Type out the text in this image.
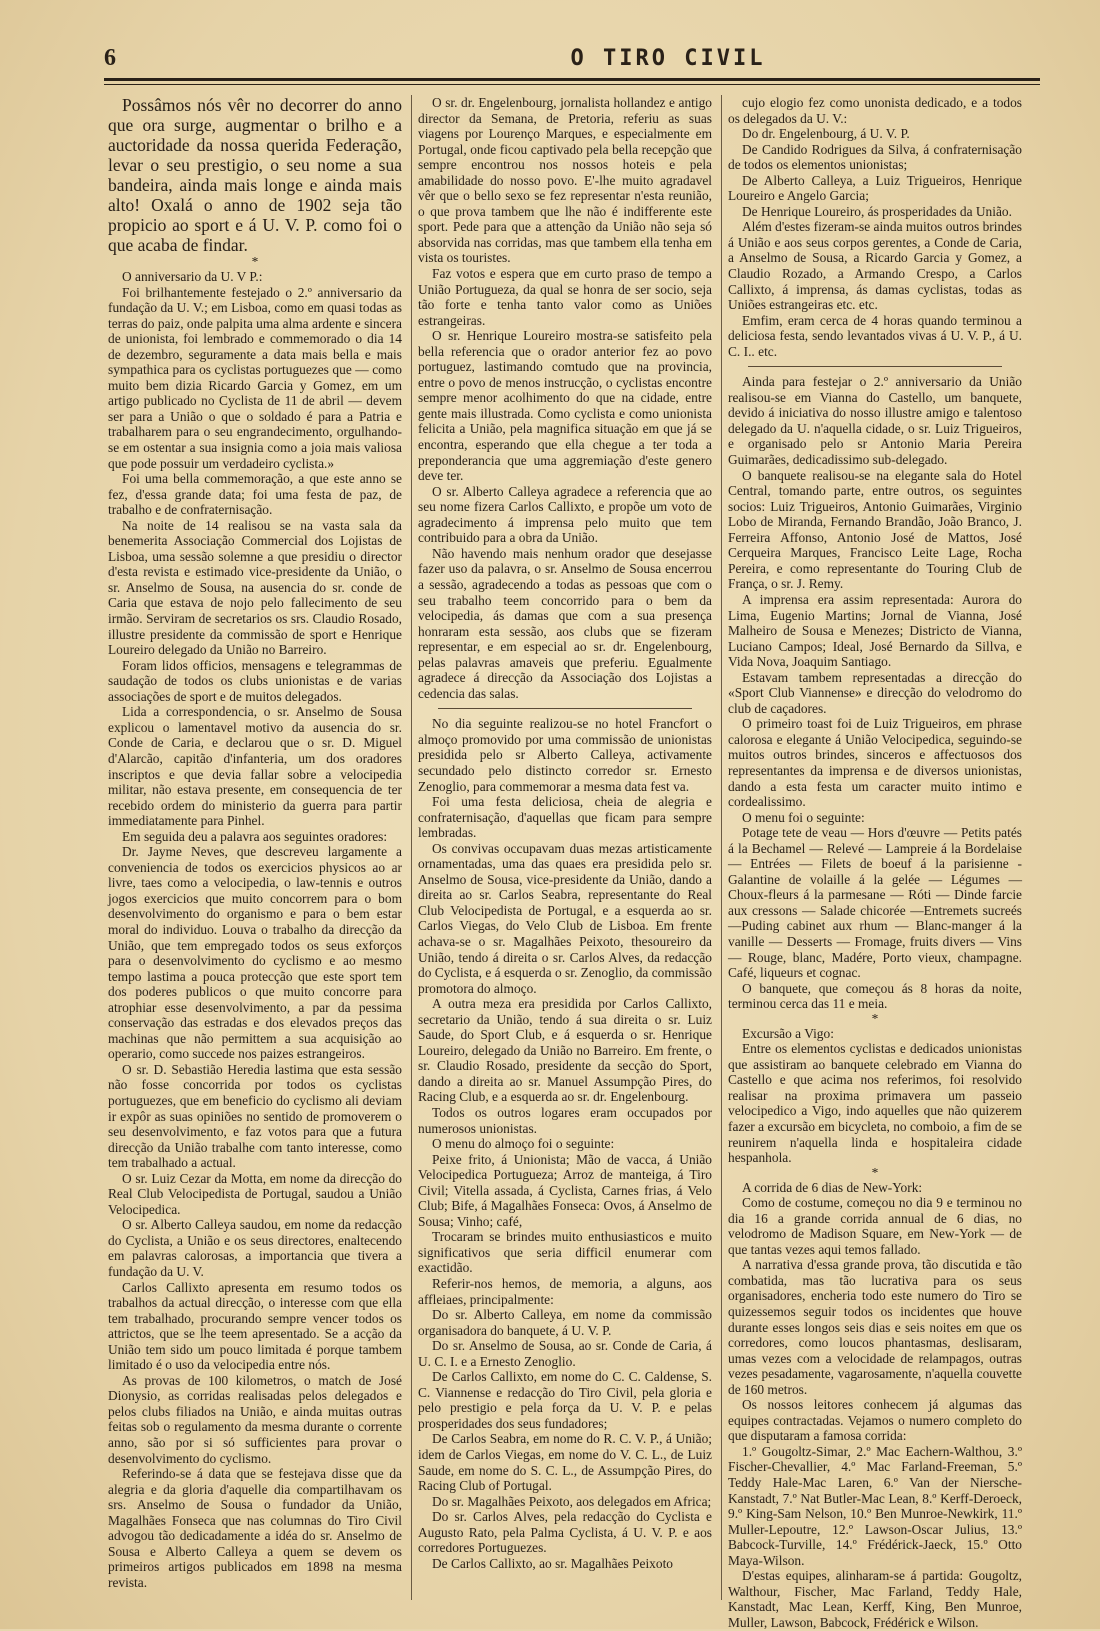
6	O TIRO CIVIL

Possâmos nós vêr no decorrer do anno que ora surge, augmentar o brilho e a auctoridade da nossa querida Federação, levar o seu prestigio, o seu nome a sua bandeira, ainda mais longe e ainda mais alto! Oxalá o anno de 1902 seja tão propicio ao sport e á U. V. P. como foi o que acaba de findar.

*

O anniversario da U. V P.:

Foi brilhantemente festejado o 2.º anniversario da fundação da U. V.; em Lisboa, como em quasi todas as terras do paiz, onde palpita uma alma ardente e sincera de unionista, foi lembrado e commemorado o dia 14 de dezembro, seguramente a data mais bella e mais sympathica para os cyclistas portuguezes que — como muito bem dizia Ricardo Garcia y Gomez, em um artigo publicado no Cyclista de 11 de abril — devem ser para a União o que o soldado é para a Patria e trabalharem para o seu engrandecimento, orgulhando-se em ostentar a sua insignia como a joia mais valiosa que pode possuir um verdadeiro cyclista.»

Foi uma bella commemoração, a que este anno se fez, d'essa grande data; foi uma festa de paz, de trabalho e de confraternisação.

Na noite de 14 realisou se na vasta sala da benemerita Associação Commercial dos Lojistas de Lisboa, uma sessão solemne a que presidiu o director d'esta revista e estimado vice-presidente da União, o sr. Anselmo de Sousa, na ausencia do sr. conde de Caria que estava de nojo pelo fallecimento de seu irmão. Serviram de secretarios os srs. Claudio Rosado, illustre presidente da commissão de sport e Henrique Loureiro delegado da União no Barreiro.

Foram lidos officios, mensagens e telegrammas de saudação de todos os clubs unionistas e de varias associações de sport e de muitos delegados.

Lida a correspondencia, o sr. Anselmo de Sousa explicou o lamentavel motivo da ausencia do sr. Conde de Caria, e declarou que o sr. D. Miguel d'Alarcão, capitão d'infanteria, um dos oradores inscriptos e que devia fallar sobre a velocipedia militar, não estava presente, em consequencia de ter recebido ordem do ministerio da guerra para partir immediatamente para Pinhel.

Em seguida deu a palavra aos seguintes oradores:

Dr. Jayme Neves, que descreveu largamente a conveniencia de todos os exercicios physicos ao ar livre, taes como a velocipedia, o law-tennis e outros jogos exercicios que muito concorrem para o bom desenvolvimento do organismo e para o bem estar moral do individuo. Louva o trabalho da direcção da União, que tem empregado todos os seus exforços para o desenvolvimento do cyclismo e ao mesmo tempo lastima a pouca protecção que este sport tem dos poderes publicos o que muito concorre para atrophiar esse desenvolvimento, a par da pessima conservação das estradas e dos elevados preços das machinas que não permittem a sua acquisição ao operario, como succede nos paizes estrangeiros.

O sr. D. Sebastião Heredia lastima que esta sessão não fosse concorrida por todos os cyclistas portuguezes, que em beneficio do cyclismo ali deviam ir expôr as suas opiniões no sentido de promoverem o seu desenvolvimento, e faz votos para que a futura direcção da União trabalhe com tanto interesse, como tem trabalhado a actual.

O sr. Luiz Cezar da Motta, em nome da direcção do Real Club Velocipedista de Portugal, saudou a União Velocipedica.

O sr. Alberto Calleya saudou, em nome da redacção do Cyclista, a União e os seus directores, enaltecendo em palavras calorosas, a importancia que tivera a fundação da U. V.

Carlos Callixto apresenta em resumo todos os trabalhos da actual direcção, o interesse com que ella tem trabalhado, procurando sempre vencer todos os attrictos, que se lhe teem apresentado. Se a acção da União tem sido um pouco limitada é porque tambem limitado é o uso da velocipedia entre nós.

As provas de 100 kilometros, o match de José Dionysio, as corridas realisadas pelos delegados e pelos clubs filiados na União, e ainda muitas outras feitas sob o regulamento da mesma durante o corrente anno, são por si só sufficientes para provar o desenvolvimento do cyclismo.

Referindo-se á data que se festejava disse que da alegria e da gloria d'aquelle dia compartilhavam os srs. Anselmo de Sousa o fundador da União, Magalhães Fonseca que nas columnas do Tiro Civil advogou tão dedicadamente a idéa do sr. Anselmo de Sousa e Alberto Calleya a quem se devem os primeiros artigos publicados em 1898 na mesma revista.

O sr. dr. Engelenbourg, jornalista hollandez e antigo director da Semana, de Pretoria, referiu as suas viagens por Lourenço Marques, e especialmente em Portugal, onde ficou captivado pela bella recepção que sempre encontrou nos nossos hoteis e pela amabilidade do nosso povo. E'-lhe muito agradavel vêr que o bello sexo se fez representar n'esta reunião, o que prova tambem que lhe não é indifferente este sport. Pede para que a attenção da União não seja só absorvida nas corridas, mas que tambem ella tenha em vista os touristes.

Faz votos e espera que em curto praso de tempo a União Portugueza, da qual se honra de ser socio, seja tão forte e tenha tanto valor como as Uniões estrangeiras.

O sr. Henrique Loureiro mostra-se satisfeito pela bella referencia que o orador anterior fez ao povo portuguez, lastimando comtudo que na provincia, entre o povo de menos instrucção, o cyclistas encontre sempre menor acolhimento do que na cidade, entre gente mais illustrada. Como cyclista e como unionista felicita a União, pela magnifica situação em que já se encontra, esperando que ella chegue a ter toda a preponderancia que uma aggremiação d'este genero deve ter.

O sr. Alberto Calleya agradece a referencia que ao seu nome fizera Carlos Callixto, e propõe um voto de agradecimento á imprensa pelo muito que tem contribuido para a obra da União.

Não havendo mais nenhum orador que desejasse fazer uso da palavra, o sr. Anselmo de Sousa encerrou a sessão, agradecendo a todas as pessoas que com o seu trabalho teem concorrido para o bem da velocipedia, ás damas que com a sua presença honraram esta sessão, aos clubs que se fizeram representar, e em especial ao sr. dr. Engelenbourg, pelas palavras amaveis que preferiu. Egualmente agradece á direcção da Associação dos Lojistas a cedencia das salas.

No dia seguinte realizou-se no hotel Francfort o almoço promovido por uma commissão de unionistas presidida pelo sr Alberto Calleya, activamente secundado pelo distincto corredor sr. Ernesto Zenoglio, para commemorar a mesma data fest va.

Foi uma festa deliciosa, cheia de alegria e confraternisação, d'aquellas que ficam para sempre lembradas.

Os convivas occupavam duas mezas artisticamente ornamentadas, uma das quaes era presidida pelo sr. Anselmo de Sousa, vice-presidente da União, dando a direita ao sr. Carlos Seabra, representante do Real Club Velocipedista de Portugal, e a esquerda ao sr. Carlos Viegas, do Velo Club de Lisboa. Em frente achava-se o sr. Magalhães Peixoto, thesoureiro da União, tendo á direita o sr. Carlos Alves, da redacção do Cyclista, e á esquerda o sr. Zenoglio, da commissão promotora do almoço.

A outra meza era presidida por Carlos Callixto, secretario da União, tendo á sua direita o sr. Luiz Saude, do Sport Club, e á esquerda o sr. Henrique Loureiro, delegado da União no Barreiro. Em frente, o sr. Claudio Rosado, presidente da secção do Sport, dando a direita ao sr. Manuel Assumpção Pires, do Racing Club, e a esquerda ao sr. dr. Engelenbourg.

Todos os outros logares eram occupados por numerosos unionistas.

O menu do almoço foi o seguinte:

Peixe frito, á Unionista; Mão de vacca, á União Velocipedica Portugueza; Arroz de manteiga, á Tiro Civil; Vitella assada, á Cyclista, Carnes frias, á Velo Club; Bife, á Magalhães Fonseca: Ovos, á Anselmo de Sousa; Vinho; café,

Trocaram se brindes muito enthusiasticos e muito significativos que seria difficil enumerar com exactidão.

Referir-nos hemos, de memoria, a alguns, aos affleiaes, principalmente:

Do sr. Alberto Calleya, em nome da commissão organisadora do banquete, á U. V. P.

Do sr. Anselmo de Sousa, ao sr. Conde de Caria, á U. C. I. e a Ernesto Zenoglio.

De Carlos Callixto, em nome do C. C. Caldense, S. C. Viannense e redacção do Tiro Civil, pela gloria e pelo prestigio e pela força da U. V. P. e pelas prosperidades dos seus fundadores;

De Carlos Seabra, em nome do R. C. V. P., á União; idem de Carlos Viegas, em nome do V. C. L., de Luiz Saude, em nome do S. C. L., de Assumpção Pires, do Racing Club of Portugal.

Do sr. Magalhães Peixoto, aos delegados em Africa;

Do sr. Carlos Alves, pela redacção do Cyclista e Augusto Rato, pela Palma Cyclista, á U. V. P. e aos corredores Portuguezes.

De Carlos Callixto, ao sr. Magalhães Peixoto

cujo elogio fez como unonista dedicado, e a todos os delegados da U. V.:

Do dr. Engelenbourg, á U. V. P.

De Candido Rodrigues da Silva, á confraternisação de todos os elementos unionistas;

De Alberto Calleya, a Luiz Trigueiros, Henrique Loureiro e Angelo Garcia;

De Henrique Loureiro, ás prosperidades da União.

Além d'estes fizeram-se ainda muitos outros brindes á União e aos seus corpos gerentes, a Conde de Caria, a Anselmo de Sousa, a Ricardo Garcia y Gomez, a Claudio Rozado, a Armando Crespo, a Carlos Callixto, á imprensa, ás damas cyclistas, todas as Uniões estrangeiras etc. etc.

Emfim, eram cerca de 4 horas quando terminou a deliciosa festa, sendo levantados vivas á U. V. P., á U. C. I.. etc.

Ainda para festejar o 2.º anniversario da União realisou-se em Vianna do Castello, um banquete, devido á iniciativa do nosso illustre amigo e talentoso delegado da U. n'aquella cidade, o sr. Luiz Trigueiros, e organisado pelo sr Antonio Maria Pereira Guimarães, dedicadissimo sub-delegado.

O banquete realisou-se na elegante sala do Hotel Central, tomando parte, entre outros, os seguintes socios: Luiz Trigueiros, Antonio Guimarães, Virginio Lobo de Miranda, Fernando Brandão, João Branco, J. Ferreira Affonso, Antonio José de Mattos, José Cerqueira Marques, Francisco Leite Lage, Rocha Pereira, e como representante do Touring Club de França, o sr. J. Remy.

A imprensa era assim representada: Aurora do Lima, Eugenio Martins; Jornal de Vianna, José Malheiro de Sousa e Menezes; Districto de Vianna, Luciano Campos; Ideal, José Bernardo da Sillva, e Vida Nova, Joaquim Santiago.

Estavam tambem representadas a direcção do «Sport Club Viannense» e direcção do velodromo do club de caçadores.

O primeiro toast foi de Luiz Trigueiros, em phrase calorosa e elegante á União Velocipedica, seguindo-se muitos outros brindes, sinceros e affectuosos dos representantes da imprensa e de diversos unionistas, dando a esta festa um caracter muito intimo e cordealissimo.

O menu foi o seguinte:

Potage tete de veau — Hors d'œuvre — Petits patés á la Bechamel — Relevé — Lampreie á la Bordelaise — Entrées — Filets de boeuf á la parisienne - Galantine de volaille á la gelée — Légumes — Choux-fleurs á la parmesane — Róti — Dinde farcie aux cressons — Salade chicorée —Entremets sucreés —Puding cabinet aux rhum — Blanc-manger á la vanille — Desserts — Fromage, fruits divers — Vins — Rouge, blanc, Madére, Porto vieux, champagne. Café, liqueurs et cognac.

O banquete, que começou ás 8 horas da noite, terminou cerca das 11 e meia.

*

Excursão a Vigo:

Entre os elementos cyclistas e dedicados unionistas que assistiram ao banquete celebrado em Vianna do Castello e que acima nos referimos, foi resolvido realisar na proxima primavera um passeio velocipedico a Vigo, indo aquelles que não quizerem fazer a excursão em bicycleta, no comboio, a fim de se reunirem n'aquella linda e hospitaleira cidade hespanhola.

*

A corrida de 6 dias de New-York:

Como de costume, começou no dia 9 e terminou no dia 16 a grande corrida annual de 6 dias, no velodromo de Madison Square, em New-York — de que tantas vezes aqui temos fallado.

A narrativa d'essa grande prova, tão discutida e tão combatida, mas tão lucrativa para os seus organisadores, encheria todo este numero do Tiro se quizessemos seguir todos os incidentes que houve durante esses longos seis dias e seis noites em que os corredores, como loucos phantasmas, deslisaram, umas vezes com a velocidade de relampagos, outras vezes pesadamente, vagarosamente, n'aquella couvette de 160 metros.

Os nossos leitores conhecem já algumas das equipes contractadas. Vejamos o numero completo do que disputaram a famosa corrida:

1.º Gougoltz-Simar, 2.º Mac Eachern-Walthou, 3.º Fischer-Chevallier, 4.º Mac Farland-Freeman, 5.º Teddy Hale-Mac Laren, 6.º Van der Niersche-Kanstadt, 7.º Nat Butler-Mac Lean, 8.º Kerff-Deroeck, 9.º King-Sam Nelson, 10.º Ben Munroe-Newkirk, 11.º Muller-Lepoutre, 12.º Lawson-Oscar Julius, 13.º Babcock-Turville, 14.º Frédérick-Jaeck, 15.º Otto Maya-Wilson.

D'estas equipes, alinharam-se á partida: Gougoltz, Walthour, Fischer, Mac Farland, Teddy Hale, Kanstadt, Mac Lean, Kerff, King, Ben Munroe, Muller, Lawson, Babcock, Frédérick e Wilson.
